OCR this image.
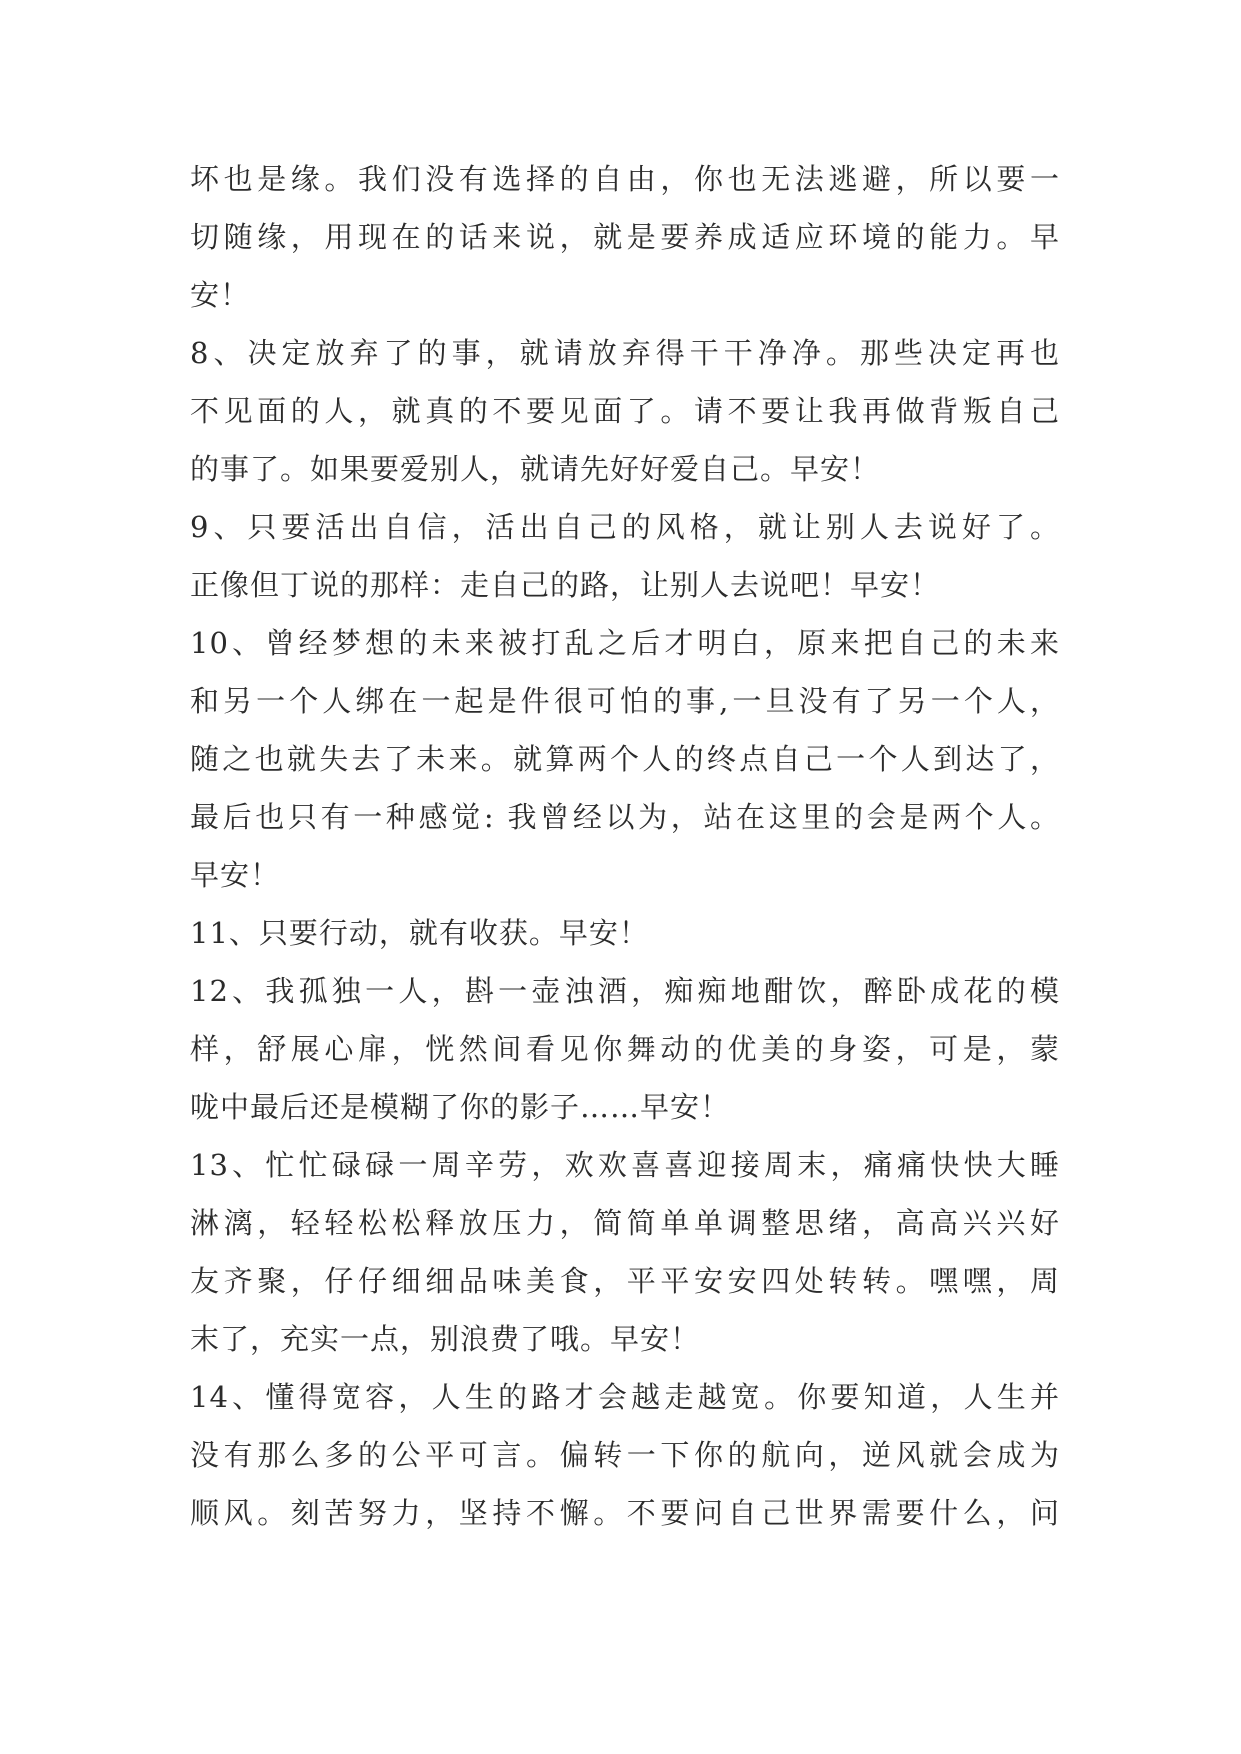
坏也是缘。我们没有选择的自由，你也无法逃避，所以要一
切随缘，用现在的话来说，就是要养成适应环境的能力。早
安！
8、决定放弃了的事，就请放弃得干干净净。那些决定再也
不见面的人，就真的不要见面了。请不要让我再做背叛自己
的事了。如果要爱别人，就请先好好爱自己。早安！
9、只要活出自信，活出自己的风格，就让别人去说好了。
正像但丁说的那样：走自己的路，让别人去说吧！早安！
10、曾经梦想的未来被打乱之后才明白，原来把自己的未来
和另一个人绑在一起是件很可怕的事,一旦没有了另一个人，
随之也就失去了未来。就算两个人的终点自己一个人到达了，
最后也只有一种感觉: 我曾经以为，站在这里的会是两个人。
早安！
11、只要行动，就有收获。早安！
12、我孤独一人，斟一壶浊酒，痴痴地酣饮，醉卧成花的模
样，舒展心扉，恍然间看见你舞动的优美的身姿，可是，蒙
咙中最后还是模糊了你的影子……早安！
13、忙忙碌碌一周辛劳，欢欢喜喜迎接周末，痛痛快快大睡
淋漓，轻轻松松释放压力，简简单单调整思绪，高高兴兴好
友齐聚，仔仔细细品味美食，平平安安四处转转。嘿嘿，周
末了，充实一点，别浪费了哦。早安！
14、懂得宽容，人生的路才会越走越宽。你要知道，人生并
没有那么多的公平可言。偏转一下你的航向，逆风就会成为
顺风。刻苦努力，坚持不懈。不要问自己世界需要什么，问
